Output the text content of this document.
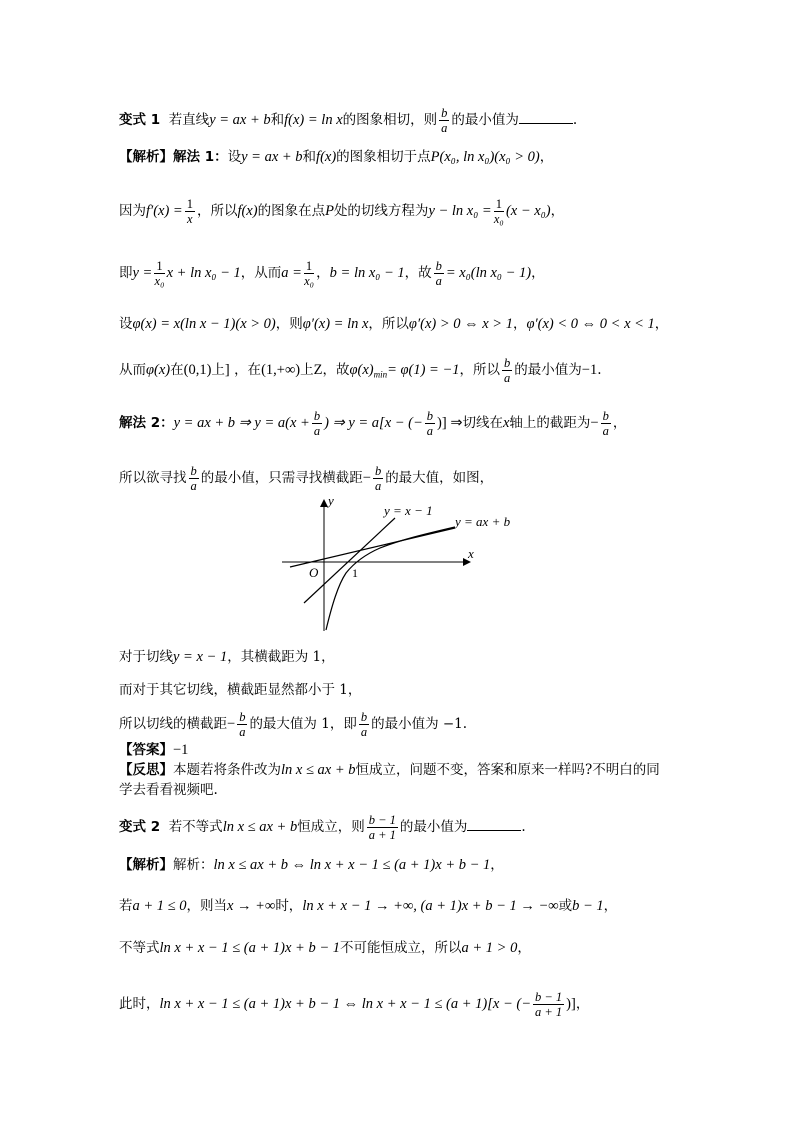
变式 1 若直线y = ax + b和f(x) = ln x的图象相切，则 $\frac{b}{a}$ 的最小值为	.
【解析】解法 1：设y = ax + b和f(x)的图象相切于点P(x₀, ln x₀)(x₀ > 0)，
因为$f'(x) = \frac{1}{x}$ ，所以f(x)的图象在点P处的切线方程为$y - \ln x_0 = \frac{1}{\text{x₀}} (x - x_0)$，
即$y = \frac{1}{\text{x₀}}$ x + ln x₀ − 1，从而$a = \frac{1}{\text{x₀}}$ ，b = ln x₀ − 1，故 $\frac{b}{a} = x_0(\ln$ x₀ − 1)，
设φ(x) = x(ln x − 1)(x > 0)，则φ′(x) = ln x，所以φ′(x) > 0 ⇔ x > 1，φ′(x) < 0 ⇔ 0 < x < 1，
从而φ(x)在(0,1)上] ，在(1,+∞)上Z，故$\varphi(x)_{min}= \varphi(1) = -1$，所以 $\frac{b}{a}$ 的最小值为−1.
解法 2：y = ax + b ⇒ $y = a(x + \frac{b}{a}$ ) ⇒ y = a[x − (− $\frac{b}{a}$ )] ⇒切线在x轴上的截距为− $\frac{b}{a}$ ，
所以欲寻找 $\frac{b}{a}$ 的最小值，只需寻找横截距− $\frac{b}{a}$ 的最大值，如图，
y
x
O	1
y = x − 1
y = ax + b
对于切线y = x − 1，其横截距为 1，
而对于其它切线，横截距显然都小于 1，
所以切线的横截距− $\frac{b}{a}$ 的最大值为 1，即 $\frac{b}{a}$ 的最小值为 −1.
【答案】−1
【反思】本题若将条件改为ln x ≤ ax + b恒成立，问题不变，答案和原来一样吗?不明白的同
学去看看视频吧.
变式 2 若不等式ln x ≤ ax + b恒成立，则 $\frac{b - 1}{a + 1}$ 的最小值为	.
【解析】解析：ln x ≤ ax + b ⇔ ln x + x − 1 ≤ (a + 1)x + b − 1，
若a + 1 ≤ 0，则当x → +∞时，ln x + x − 1 → +∞, (a + 1)x + b − 1 → −∞或b − 1，
不等式ln x + x − 1 ≤ (a + 1)x + b − 1不可能恒成立，所以a + 1 > 0，
此时，ln x + x − 1 ≤ (a + 1)x + b − 1 ⇔ ln x + x − 1 ≤ (a + 1)[x − (− $\frac{b - 1}{a + 1}$ )]，
